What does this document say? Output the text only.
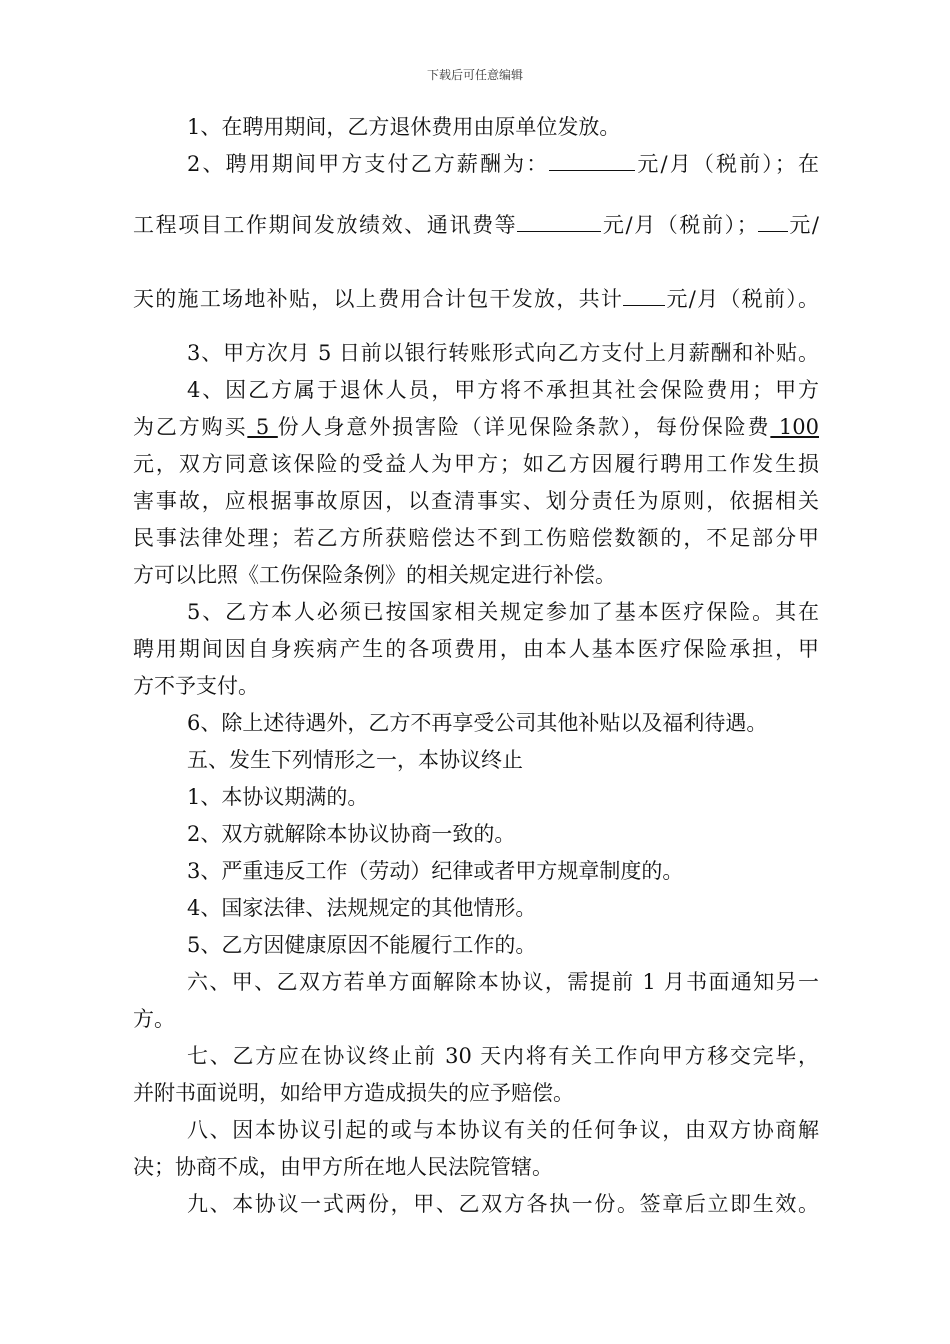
下载后可任意编辑
1、在聘用期间，乙方退休费用由原单位发放。
2、聘用期间甲方支付乙方薪酬为：	元/月（税前）；在
工程项目工作期间发放绩效、通讯费等	元/月（税前）； 元/
天的施工场地补贴，以上费用合计包干发放，共计 元/月（税前）。
3、甲方次月 5 日前以银行转账形式向乙方支付上月薪酬和补贴。
4、因乙方属于退休人员，甲方将不承担其社会保险费用；甲方
为乙方购买 5 份人身意外损害险（详见保险条款），每份保险费 100
元，双方同意该保险的受益人为甲方；如乙方因履行聘用工作发生损
害事故，应根据事故原因，以查清事实、划分责任为原则，依据相关
民事法律处理；若乙方所获赔偿达不到工伤赔偿数额的，不足部分甲
方可以比照《工伤保险条例》的相关规定进行补偿。
5、乙方本人必须已按国家相关规定参加了基本医疗保险。其在
聘用期间因自身疾病产生的各项费用，由本人基本医疗保险承担，甲
方不予支付。
6、除上述待遇外，乙方不再享受公司其他补贴以及福利待遇。
五、发生下列情形之一，本协议终止
1、本协议期满的。
2、双方就解除本协议协商一致的。
3、严重违反工作（劳动）纪律或者甲方规章制度的。
4、国家法律、法规规定的其他情形。
5、乙方因健康原因不能履行工作的。
六、甲、乙双方若单方面解除本协议，需提前 1 月书面通知另一
方。
七、乙方应在协议终止前 30 天内将有关工作向甲方移交完毕，
并附书面说明，如给甲方造成损失的应予赔偿。
八、因本协议引起的或与本协议有关的任何争议，由双方协商解
决；协商不成，由甲方所在地人民法院管辖。
九、本协议一式两份，甲、乙双方各执一份。签章后立即生效。
